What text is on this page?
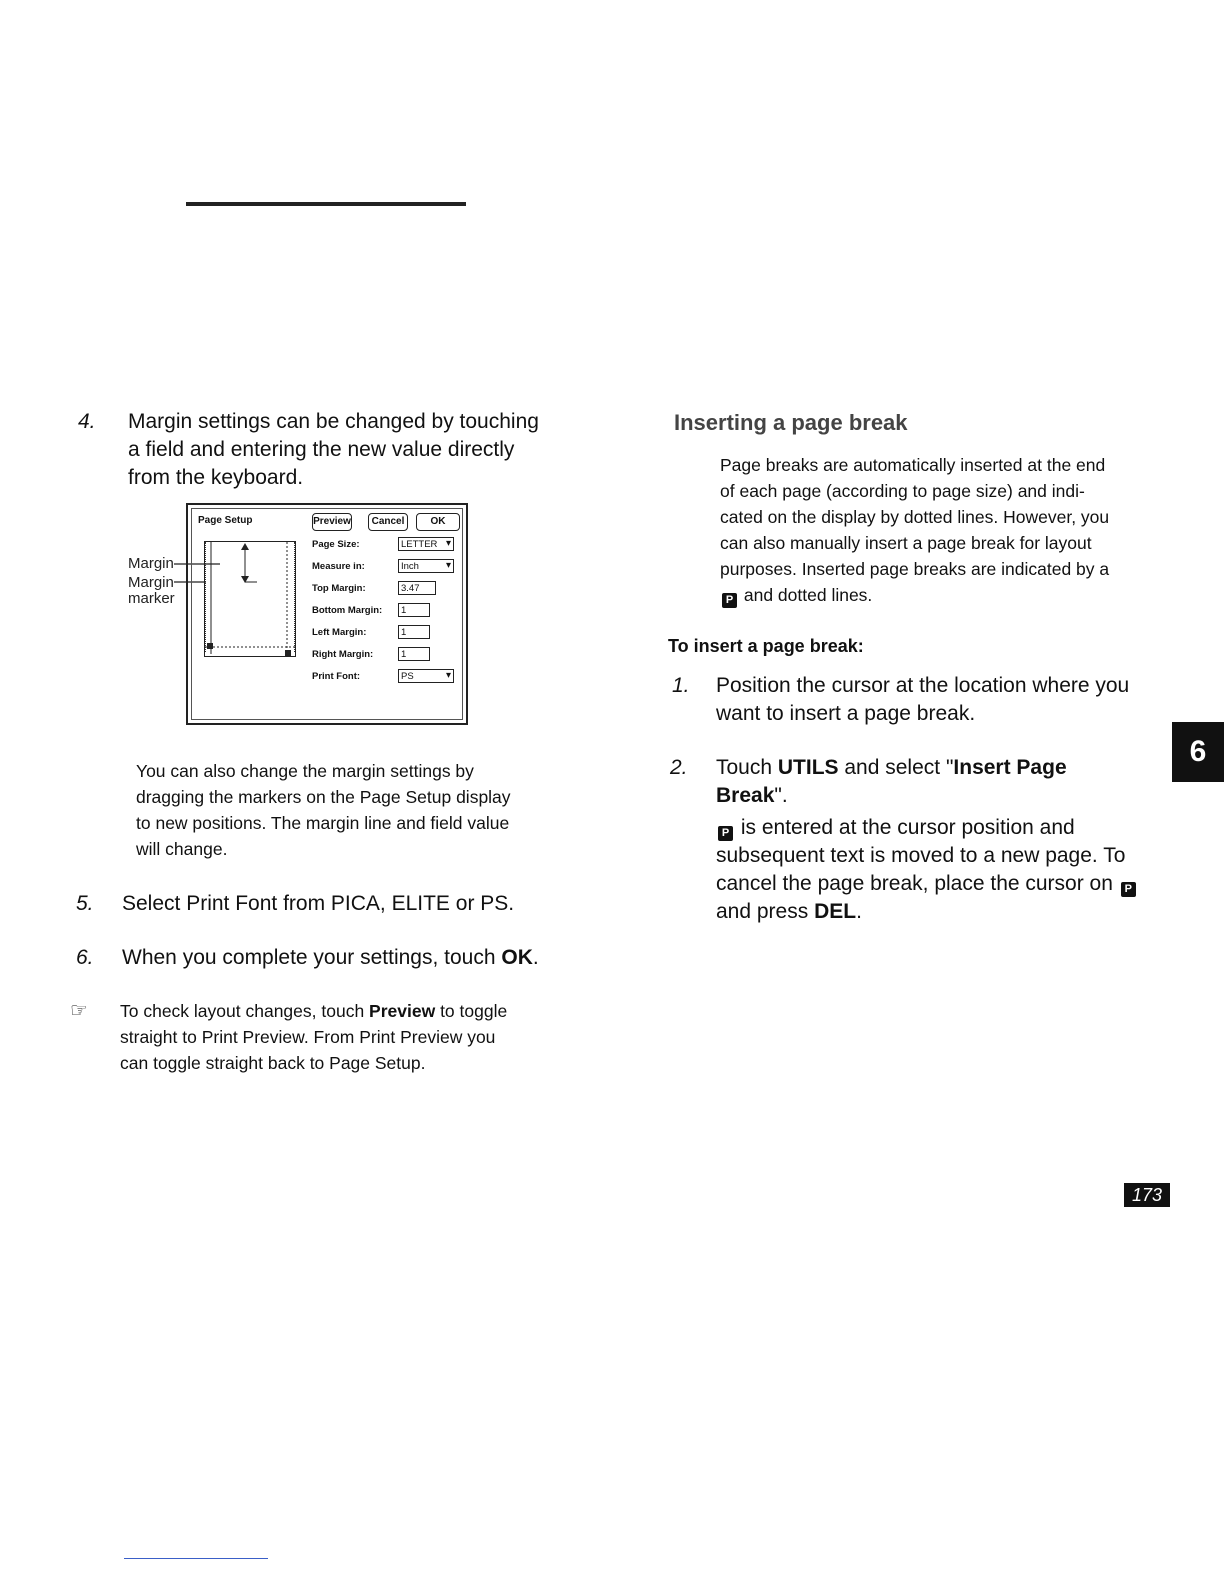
4. Margin settings can be changed by touching
a field and entering the new value directly
from the keyboard.
Margin
Margin
marker
Page Setup	Preview	Cancel	OK
Page Size:	LETTER ▾
Measure in:	Inch ▾
Top Margin:	3.47
Bottom Margin:	1
Left Margin:	1
Right Margin:	1
Print Font:	PS ▾
You can also change the margin settings by
dragging the markers on the Page Setup display
to new positions. The margin line and field value
will change.
5. Select Print Font from PICA, ELITE or PS.
6. When you complete your settings, touch OK.
☞ To check layout changes, touch Preview to toggle
straight to Print Preview. From Print Preview you
can toggle straight back to Page Setup.
Inserting a page break
Page breaks are automatically inserted at the end
of each page (according to page size) and indi-
cated on the display by dotted lines. However, you
can also manually insert a page break for layout
purposes. Inserted page breaks are indicated by a
P and dotted lines.
To insert a page break:
1. Position the cursor at the location where you
want to insert a page break.
2. Touch UTILS and select "Insert Page
Break".
P is entered at the cursor position and
subsequent text is moved to a new page. To
cancel the page break, place the cursor on P
and press DEL.
6
173
